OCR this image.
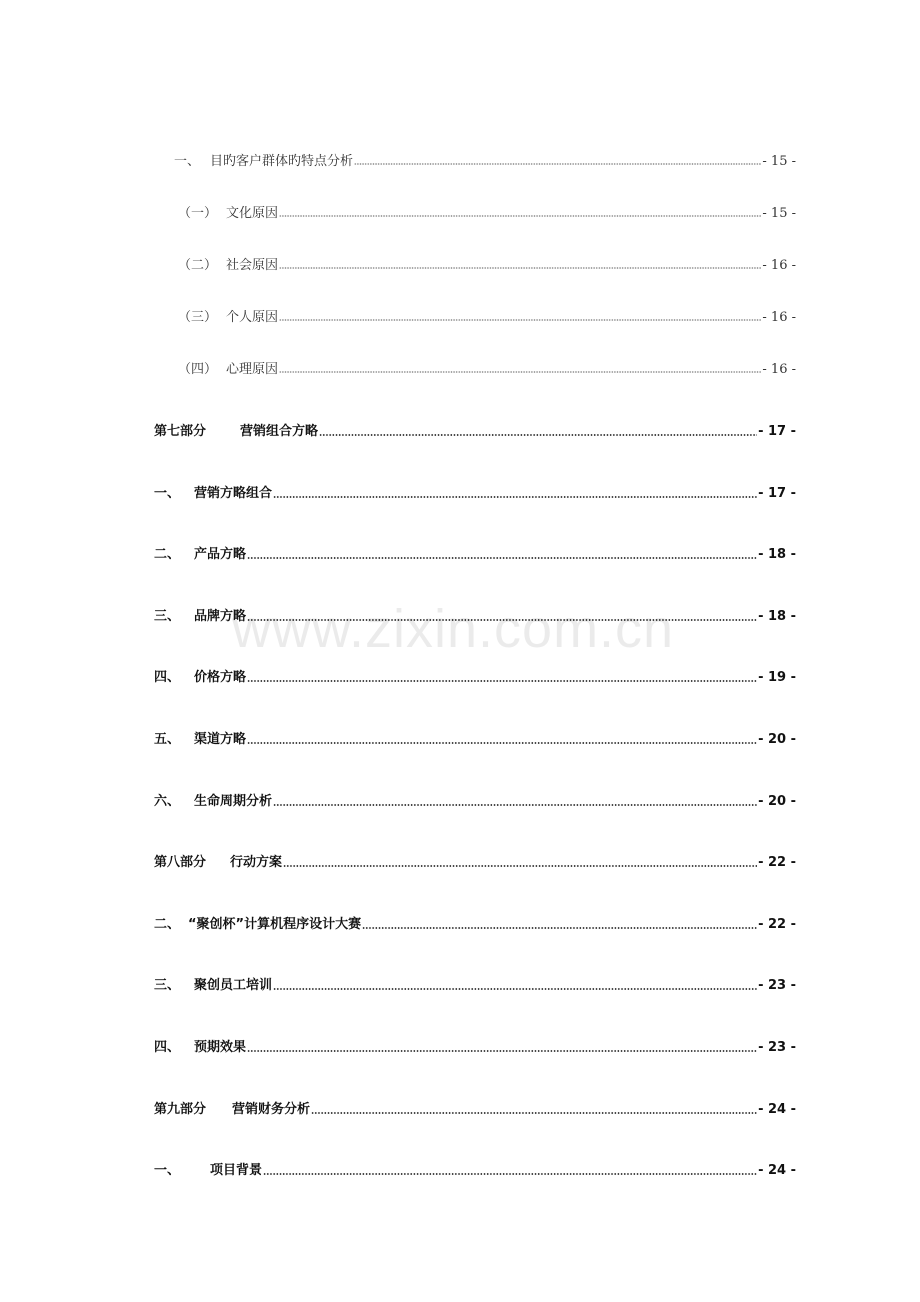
一、 目旳客户群体旳特点分析	- 15 -
（一） 文化原因	- 15 -
（二） 社会原因	- 16 -
（三） 个人原因	- 16 -
（四） 心理原因	- 16 -
第七部分	营销组合方略	- 17 -
一、	营销方略组合	- 17 -
二、	产品方略	- 18 -
三、	品牌方略	- 18 -
四、	价格方略	- 19 -
五、	渠道方略	- 20 -
六、	生命周期分析	- 20 -
第八部分	行动方案	- 22 -
二、 “聚创杯”计算机程序设计大赛	- 22 -
三、	聚创员工培训	- 23 -
四、	预期效果	- 23 -
第九部分	营销财务分析	- 24 -
一、	项目背景	- 24 -
www.zixin.com.cn
